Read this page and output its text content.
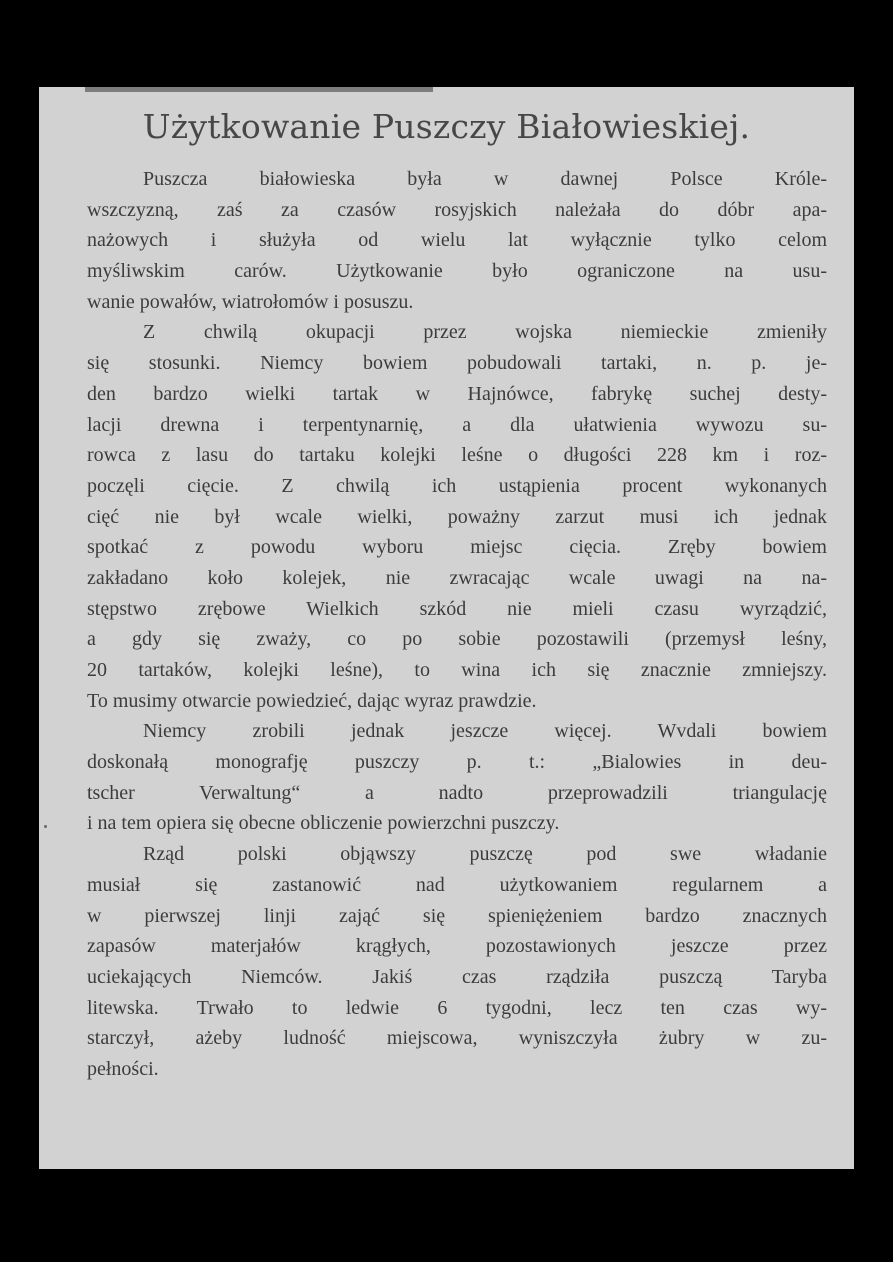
Użytkowanie Puszczy Białowieskiej.
Puszcza białowieska była w dawnej Polsce Króle-
wszczyzną, zaś za czasów rosyjskich należała do dóbr apa-
nażowych i służyła od wielu lat wyłącznie tylko celom
myśliwskim carów. Użytkowanie było ograniczone na usu-
wanie powałów, wiatrołomów i posuszu.
Z chwilą okupacji przez wojska niemieckie zmieniły
się stosunki. Niemcy bowiem pobudowali tartaki, n. p. je-
den bardzo wielki tartak w Hajnówce, fabrykę suchej desty-
lacji drewna i terpentynarnię, a dla ułatwienia wywozu su-
rowca z lasu do tartaku kolejki leśne o długości 228 km i roz-
poczęli cięcie. Z chwilą ich ustąpienia procent wykonanych
cięć nie był wcale wielki, poważny zarzut musi ich jednak
spotkać z powodu wyboru miejsc cięcia. Zręby bowiem
zakładano koło kolejek, nie zwracając wcale uwagi na na-
stępstwo zrębowe Wielkich szkód nie mieli czasu wyrządzić,
a gdy się zważy, co po sobie pozostawili (przemysł leśny,
20 tartaków, kolejki leśne), to wina ich się znacznie zmniejszy.
To musimy otwarcie powiedzieć, dając wyraz prawdzie.
Niemcy zrobili jednak jeszcze więcej. Wvdali bowiem
doskonałą monografję puszczy p. t.: „Bialowies in deu-
tscher Verwaltung“ a nadto przeprowadzili triangulację
i na tem opiera się obecne obliczenie powierzchni puszczy.
Rząd polski objąwszy puszczę pod swe władanie
musiał się zastanowić nad użytkowaniem regularnem a
w pierwszej linji zająć się spieniężeniem bardzo znacznych
zapasów materjałów krągłych, pozostawionych jeszcze przez
uciekających Niemców. Jakiś czas rządziła puszczą Taryba
litewska. Trwało to ledwie 6 tygodni, lecz ten czas wy-
starczył, ażeby ludność miejscowa, wyniszczyła żubry w zu-
pełności.
